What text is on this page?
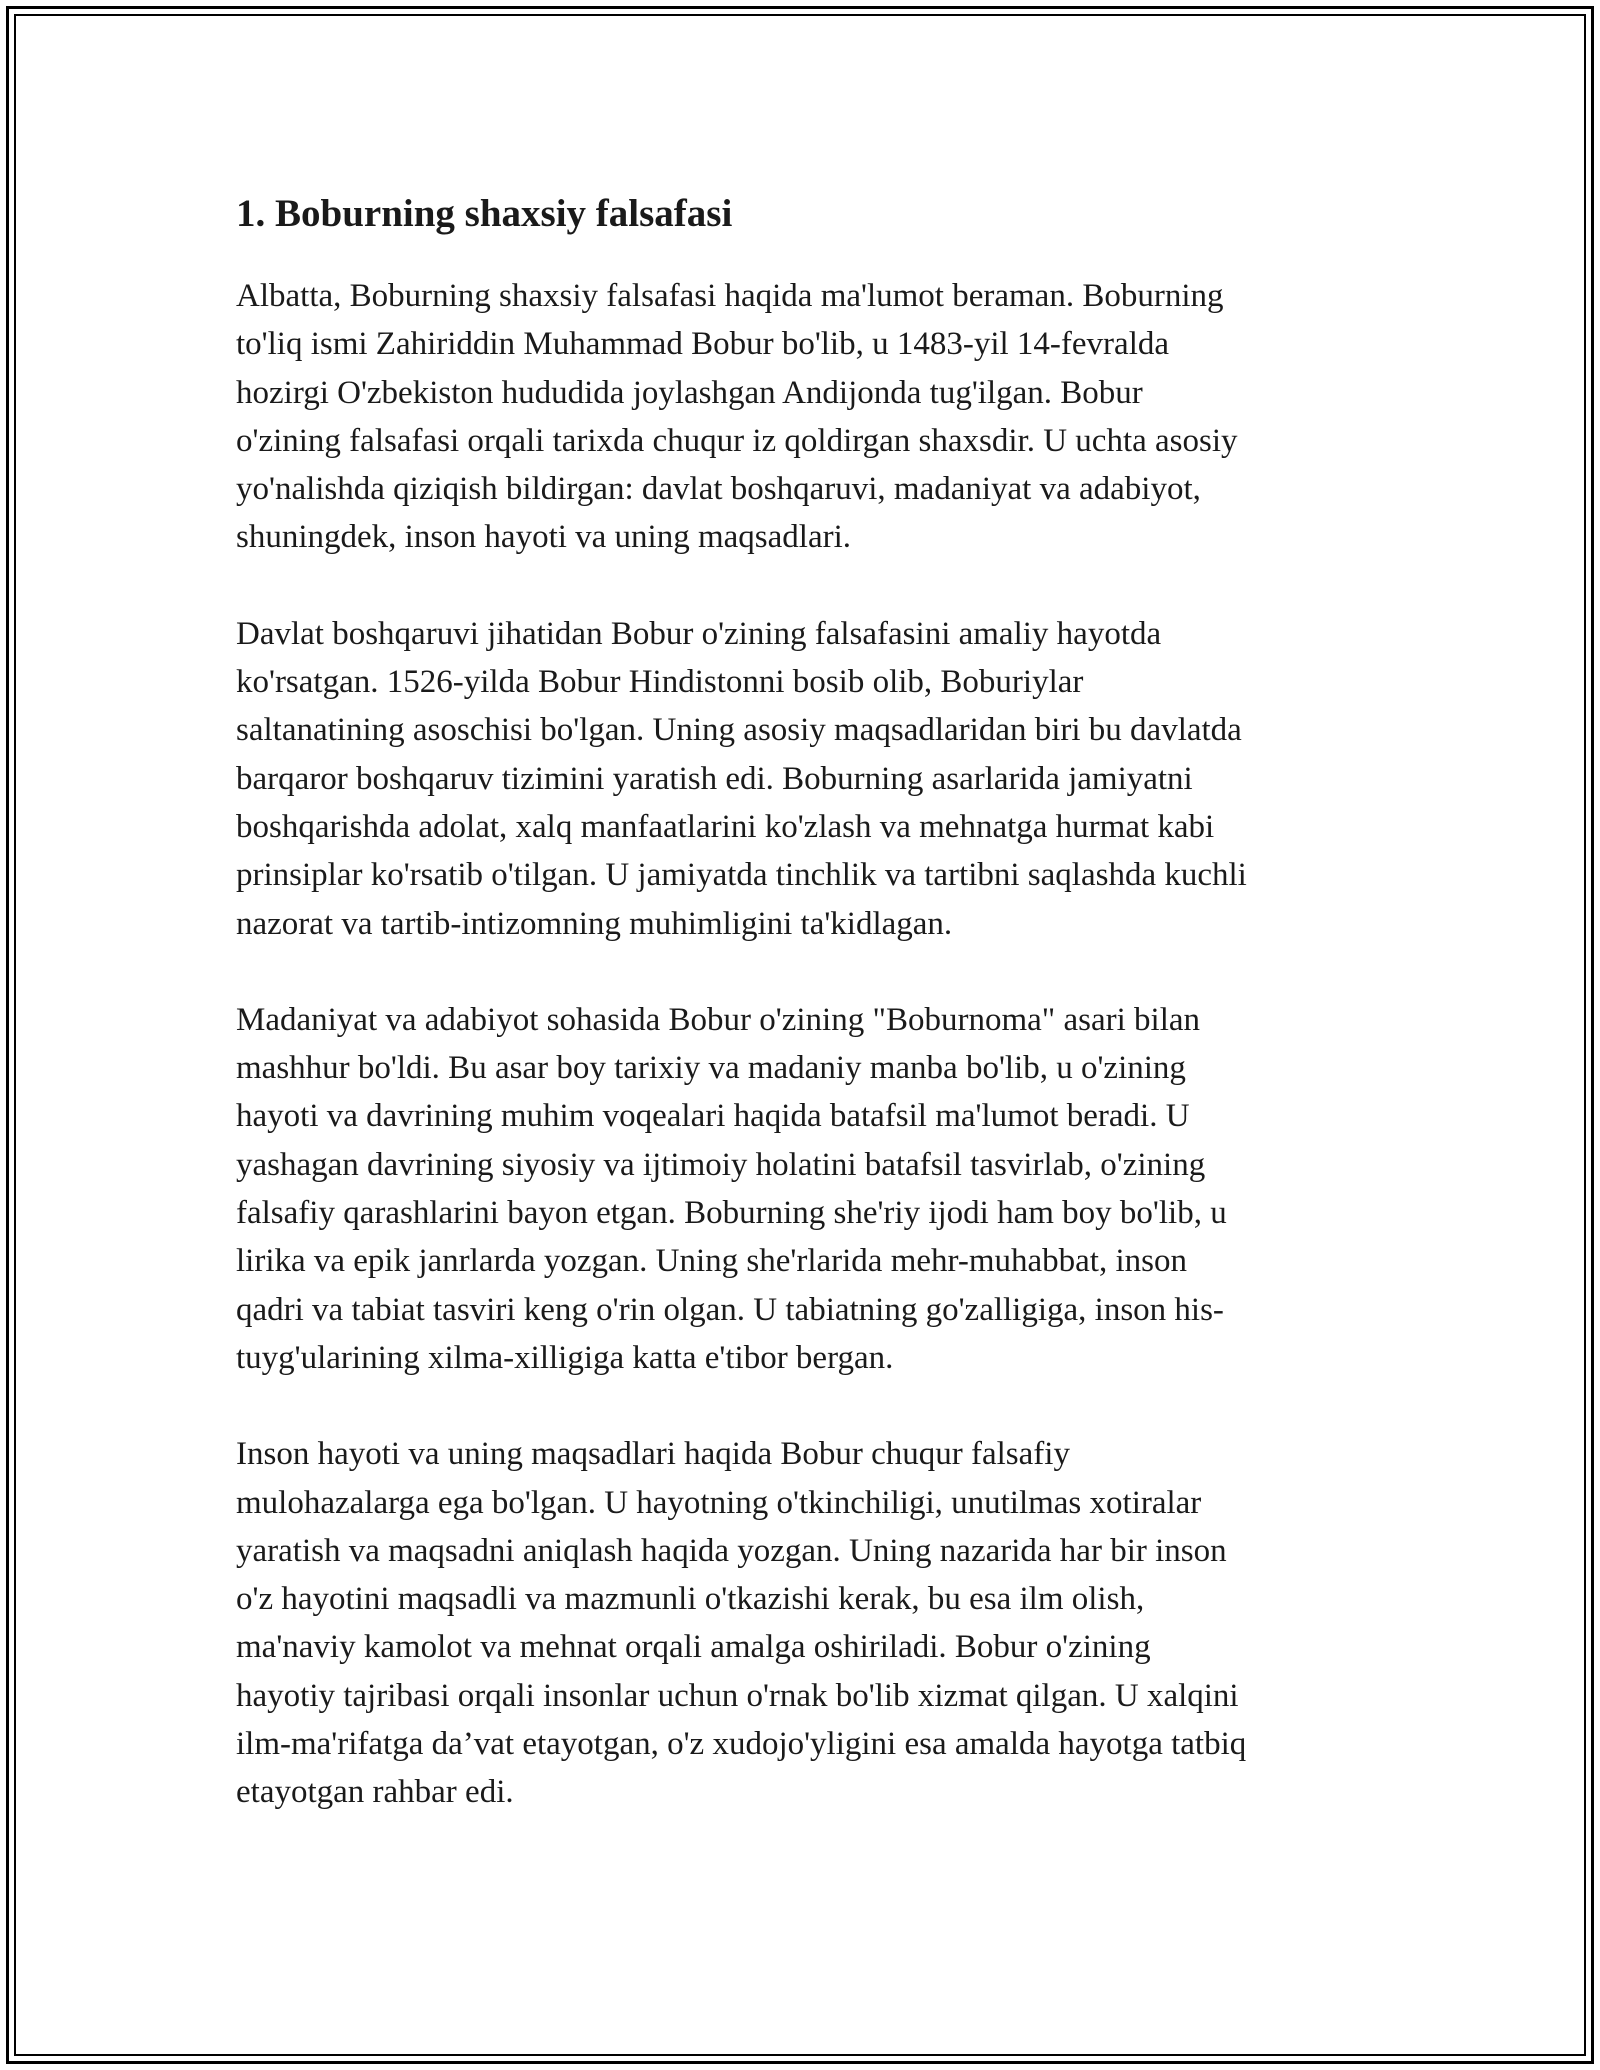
1. Boburning shaxsiy falsafasi

Albatta, Boburning shaxsiy falsafasi haqida ma'lumot beraman. Boburning
to'liq ismi Zahiriddin Muhammad Bobur bo'lib, u 1483-yil 14-fevralda
hozirgi O'zbekiston hududida joylashgan Andijonda tug'ilgan. Bobur
o'zining falsafasi orqali tarixda chuqur iz qoldirgan shaxsdir. U uchta asosiy
yo'nalishda qiziqish bildirgan: davlat boshqaruvi, madaniyat va adabiyot,
shuningdek, inson hayoti va uning maqsadlari.

Davlat boshqaruvi jihatidan Bobur o'zining falsafasini amaliy hayotda
ko'rsatgan. 1526-yilda Bobur Hindistonni bosib olib, Boburiylar
saltanatining asoschisi bo'lgan. Uning asosiy maqsadlaridan biri bu davlatda
barqaror boshqaruv tizimini yaratish edi. Boburning asarlarida jamiyatni
boshqarishda adolat, xalq manfaatlarini ko'zlash va mehnatga hurmat kabi
prinsiplar ko'rsatib o'tilgan. U jamiyatda tinchlik va tartibni saqlashda kuchli
nazorat va tartib-intizomning muhimligini ta'kidlagan.

Madaniyat va adabiyot sohasida Bobur o'zining "Boburnoma" asari bilan
mashhur bo'ldi. Bu asar boy tarixiy va madaniy manba bo'lib, u o'zining
hayoti va davrining muhim voqealari haqida batafsil ma'lumot beradi. U
yashagan davrining siyosiy va ijtimoiy holatini batafsil tasvirlab, o'zining
falsafiy qarashlarini bayon etgan. Boburning she'riy ijodi ham boy bo'lib, u
lirika va epik janrlarda yozgan. Uning she'rlarida mehr-muhabbat, inson
qadri va tabiat tasviri keng o'rin olgan. U tabiatning go'zalligiga, inson his-
tuyg'ularining xilma-xilligiga katta e'tibor bergan.

Inson hayoti va uning maqsadlari haqida Bobur chuqur falsafiy
mulohazalarga ega bo'lgan. U hayotning o'tkinchiligi, unutilmas xotiralar
yaratish va maqsadni aniqlash haqida yozgan. Uning nazarida har bir inson
o'z hayotini maqsadli va mazmunli o'tkazishi kerak, bu esa ilm olish,
ma'naviy kamolot va mehnat orqali amalga oshiriladi. Bobur o'zining
hayotiy tajribasi orqali insonlar uchun o'rnak bo'lib xizmat qilgan. U xalqini
ilm-ma'rifatga da’vat etayotgan, o'z xudojo'yligini esa amalda hayotga tatbiq
etayotgan rahbar edi.
